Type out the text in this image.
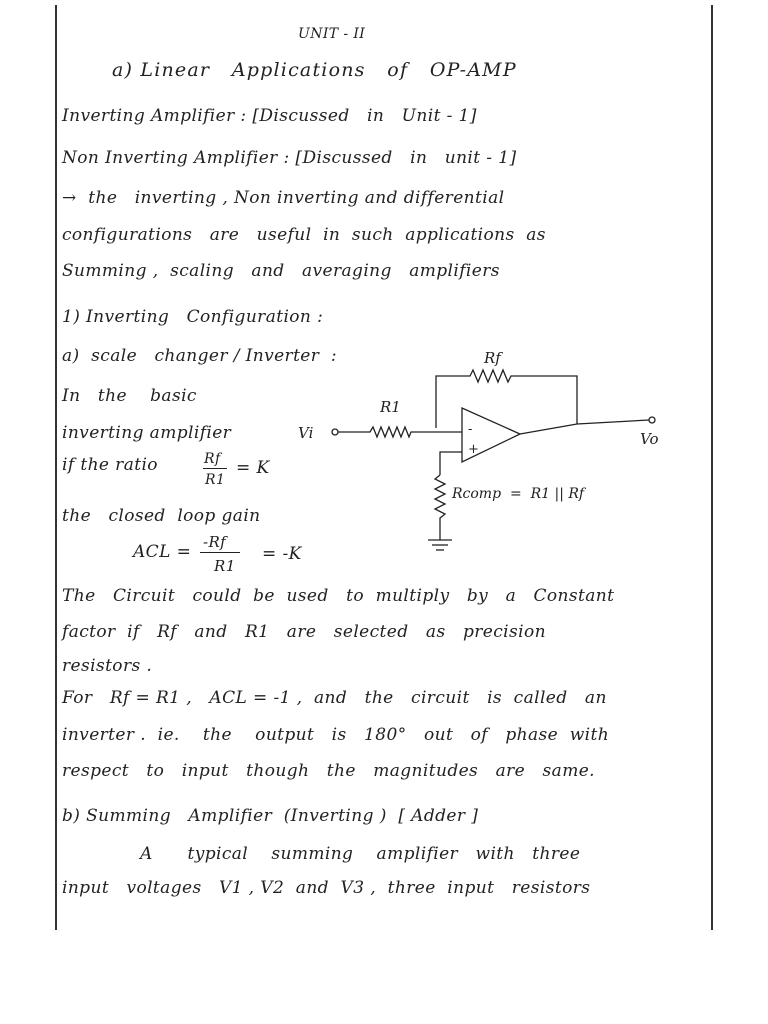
UNIT - II
a) Linear   Applications   of   OP-AMP
Inverting Amplifier : [Discussed   in   Unit - 1]
Non Inverting Amplifier : [Discussed   in   unit - 1]
→  the   inverting , Non inverting and differential
configurations   are   useful  in  such  applications  as
Summing ,  scaling   and   averaging   amplifiers
1) Inverting   Configuration :
a)  scale   changer / Inverter  :
In   the    basic
inverting amplifier
if the ratio	Rf
R1
= K
the   closed  loop gain
ACL = -Rf
R1
= -K
The   Circuit   could  be  used   to  multiply   by   a   Constant
factor  if   Rf   and   R1   are   selected   as   precision
resistors .
For   Rf = R1 ,   ACL = -1 ,  and   the   circuit   is  called   an
inverter .  ie.    the    output   is   180°   out   of   phase  with
respect   to   input   though   the   magnitudes   are   same.
b) Summing   Amplifier  (Inverting )  [ Adder ]
A      typical    summing    amplifier   with   three
input   voltages   V1 , V2  and  V3 ,  three  input   resistors
Rf
R1
Vi	Vo
-
+
Rcomp  =  R1 || Rf
